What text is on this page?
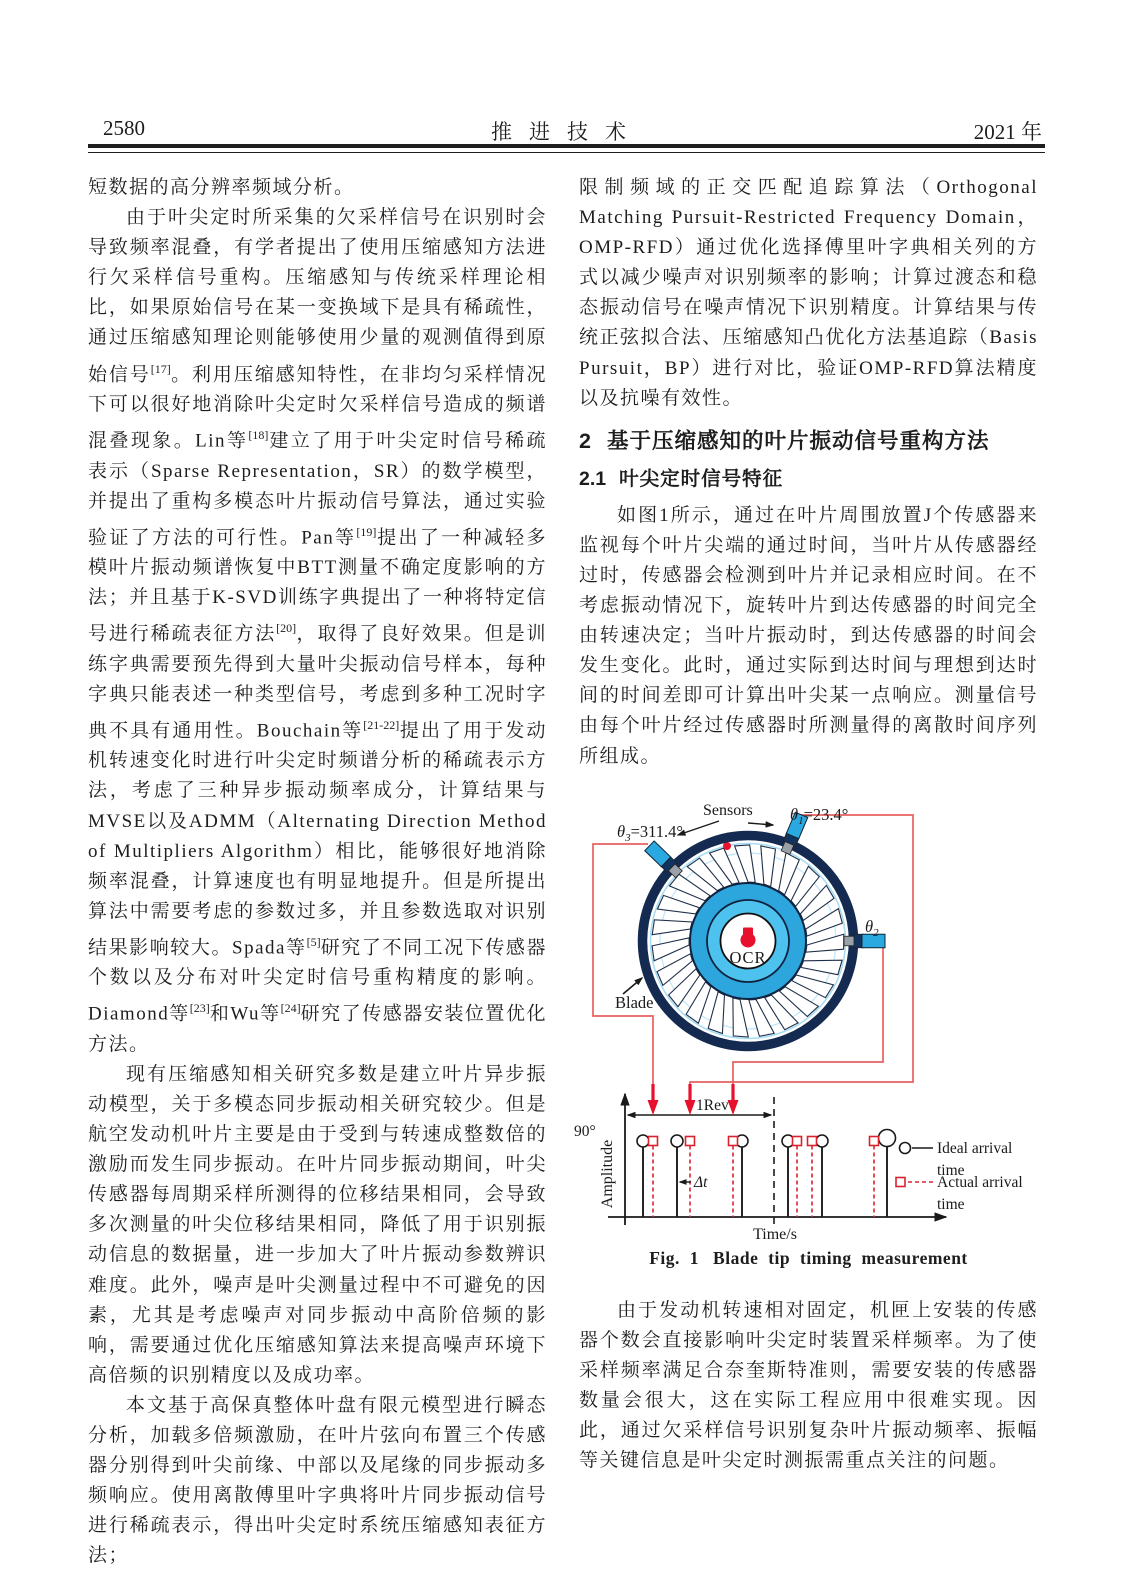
2580	推进技术	2021 年

短数据的高分辨率频域分析。

由于叶尖定时所采集的欠采样信号在识别时会导致频率混叠，有学者提出了使用压缩感知方法进行欠采样信号重构。压缩感知与传统采样理论相比，如果原始信号在某一变换域下是具有稀疏性，通过压缩感知理论则能够使用少量的观测值得到原始信号[17]。利用压缩感知特性，在非均匀采样情况下可以很好地消除叶尖定时欠采样信号造成的频谱混叠现象。Lin等[18]建立了用于叶尖定时信号稀疏表示（Sparse Representation，SR）的数学模型，并提出了重构多模态叶片振动信号算法，通过实验验证了方法的可行性。Pan等[19]提出了一种减轻多模叶片振动频谱恢复中BTT测量不确定度影响的方法；并且基于K-SVD训练字典提出了一种将特定信号进行稀疏表征方法[20]，取得了良好效果。但是训练字典需要预先得到大量叶尖振动信号样本，每种字典只能表述一种类型信号，考虑到多种工况时字典不具有通用性。Bouchain等[21-22]提出了用于发动机转速变化时进行叶尖定时频谱分析的稀疏表示方法，考虑了三种异步振动频率成分，计算结果与MVSE以及ADMM（Alternating Direction Method of Multipliers Algorithm）相比，能够很好地消除频率混叠，计算速度也有明显地提升。但是所提出算法中需要考虑的参数过多，并且参数选取对识别结果影响较大。Spada等[5]研究了不同工况下传感器个数以及分布对叶尖定时信号重构精度的影响。Diamond等[23]和Wu等[24]研究了传感器安装位置优化方法。

现有压缩感知相关研究多数是建立叶片异步振动模型，关于多模态同步振动相关研究较少。但是航空发动机叶片主要是由于受到与转速成整数倍的激励而发生同步振动。在叶片同步振动期间，叶尖传感器每周期采样所测得的位移结果相同，会导致多次测量的叶尖位移结果相同，降低了用于识别振动信息的数据量，进一步加大了叶片振动参数辨识难度。此外，噪声是叶尖测量过程中不可避免的因素，尤其是考虑噪声对同步振动中高阶倍频的影响，需要通过优化压缩感知算法来提高噪声环境下高倍频的识别精度以及成功率。

本文基于高保真整体叶盘有限元模型进行瞬态分析，加载多倍频激励，在叶片弦向布置三个传感器分别得到叶尖前缘、中部以及尾缘的同步振动多频响应。使用离散傅里叶字典将叶片同步振动信号进行稀疏表示，得出叶尖定时系统压缩感知表征方法；

限制频域的正交匹配追踪算法（Orthogonal Matching Pursuit-Restricted Frequency Domain，OMP-RFD）通过优化选择傅里叶字典相关列的方式以减少噪声对识别频率的影响；计算过渡态和稳态振动信号在噪声情况下识别精度。计算结果与传统正弦拟合法、压缩感知凸优化方法基追踪（Basis Pursuit，BP）进行对比，验证OMP-RFD算法精度以及抗噪有效性。

2 基于压缩感知的叶片振动信号重构方法
2.1 叶尖定时信号特征

如图1所示，通过在叶片周围放置J个传感器来监视每个叶片尖端的通过时间，当叶片从传感器经过时，传感器会检测到叶片并记录相应时间。在不考虑振动情况下，旋转叶片到达传感器的时间完全由转速决定；当叶片振动时，到达传感器的时间会发生变化。此时，通过实际到达时间与理想到达时间的时间差即可计算出叶尖某一点响应。测量信号由每个叶片经过传感器时所测量得的离散时间序列所组成。

OCR
Sensors $\theta_1=23.4^\circ$
$\theta_3=311.4^\circ$
$\theta_2$
Blade
90°
Amplitude
Time/s
1Rev
Δt
Ideal arrival
time
Actual arrival
time
Fig. 1 Blade tip timing measurement

由于发动机转速相对固定，机匣上安装的传感器个数会直接影响叶尖定时装置采样频率。为了使采样频率满足合奈奎斯特准则，需要安装的传感器数量会很大，这在实际工程应用中很难实现。因此，通过欠采样信号识别复杂叶片振动频率、振幅等关键信息是叶尖定时测振需重点关注的问题。
